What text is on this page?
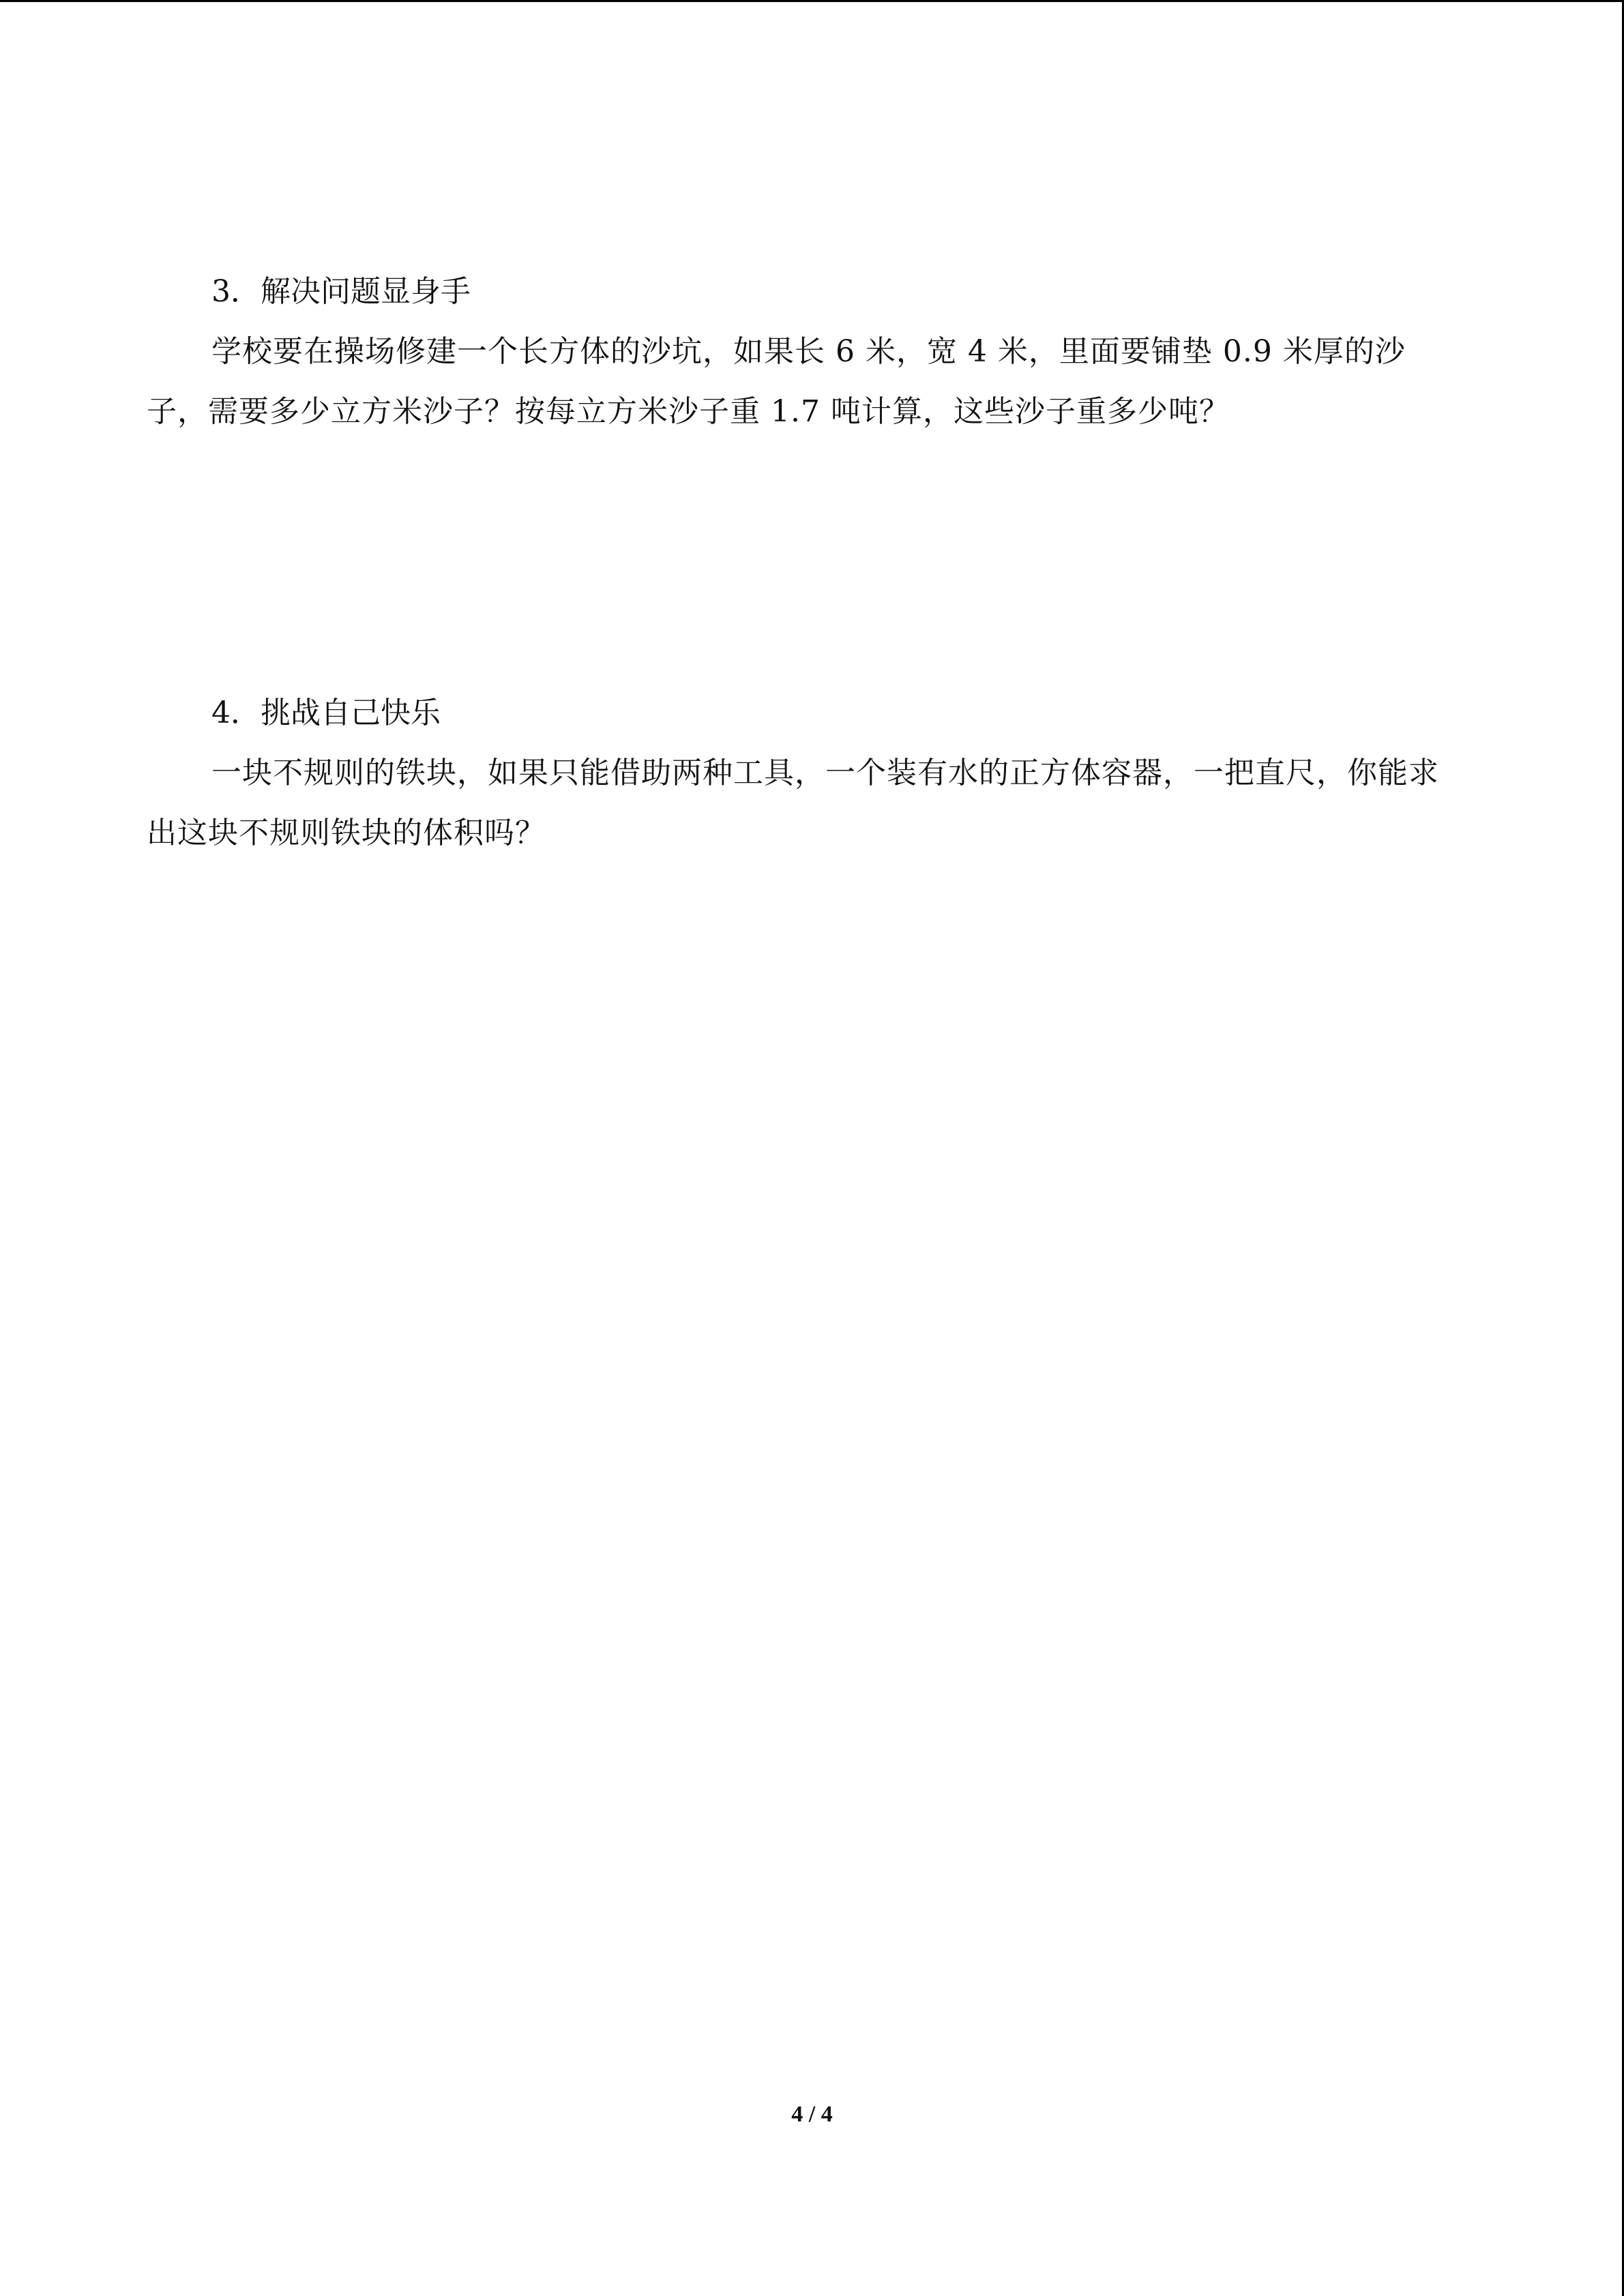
3．解决问题显身手

学校要在操场修建一个长方体的沙坑，如果长 6 米，宽 4 米，里面要铺垫 0.9 米厚的沙子，需要多少立方米沙子？按每立方米沙子重 1.7 吨计算，这些沙子重多少吨？

4．挑战自己快乐

一块不规则的铁块，如果只能借助两种工具，一个装有水的正方体容器，一把直尺，你能求出这块不规则铁块的体积吗？

4 / 4
